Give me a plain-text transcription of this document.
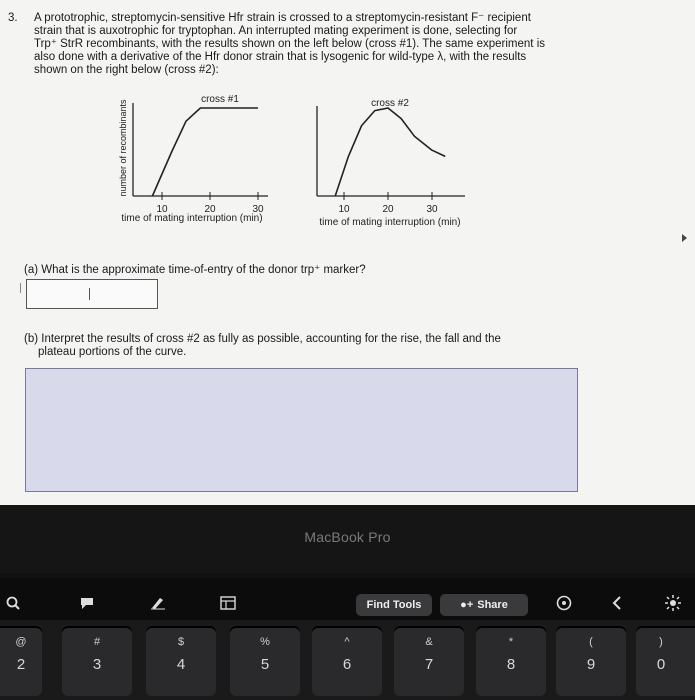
3. A prototrophic, streptomycin-sensitive Hfr strain is crossed to a streptomycin-resistant F⁻ recipient
strain that is auxotrophic for tryptophan. An interrupted mating experiment is done, selecting for
Trp⁺ StrR recombinants, with the results shown on the left below (cross #1). The same experiment is
also done with a derivative of the Hfr donor strain that is lysogenic for wild-type λ, with the results
shown on the right below (cross #2):
cross #1
number of recombinants
10	20	30
time of mating interruption (min)
cross #2
10	20	30
time of mating interruption (min)
(a) What is the approximate time-of-entry of the donor trp⁺ marker?
(b) Interpret the results of cross #2 as fully as possible, accounting for the rise, the fall and the
plateau portions of the curve.
MacBook Pro
Find Tools	●+ Share
@
2
#
3
$
4
%
5
^
6
&
7
*
8
(
9
)
0
